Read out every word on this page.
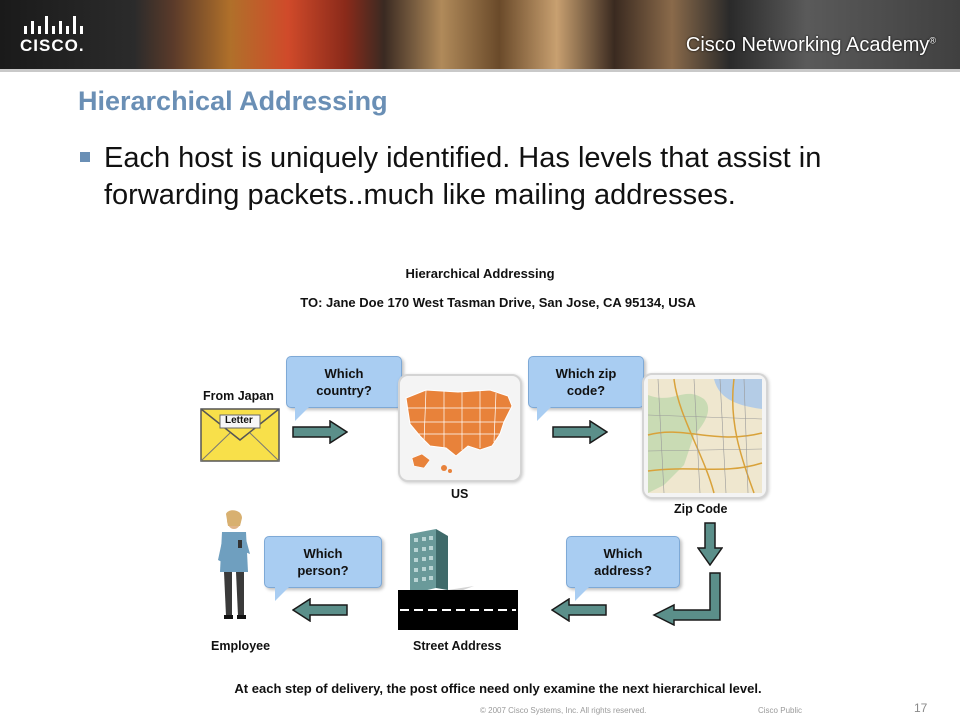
CISCO.	Cisco Networking Academy®
Hierarchical Addressing
Each host is uniquely identified. Has levels that assist in forwarding packets..much like mailing addresses.
Hierarchical Addressing
TO: Jane Doe 170 West Tasman Drive, San Jose, CA 95134, USA
From Japan
Letter
Which
country?
US
Which zip
code?
Zip Code
Which
address?
Street Address
Which
person?
Employee
At each step of delivery, the post office need only examine the next hierarchical level.
© 2007 Cisco Systems, Inc. All rights reserved.	Cisco Public	17
